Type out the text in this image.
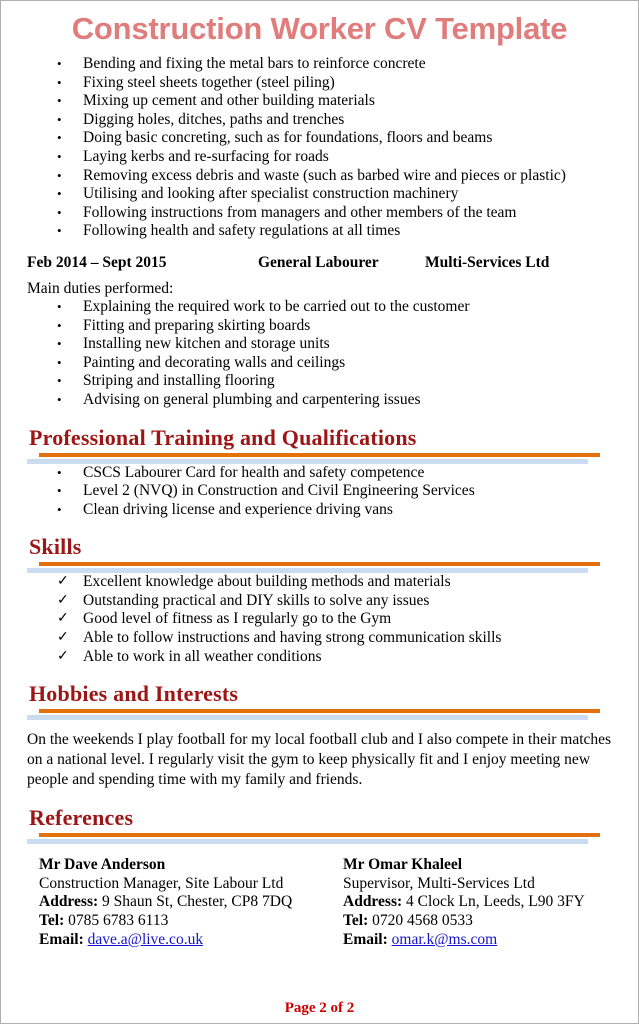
Construction Worker CV Template
• Bending and fixing the metal bars to reinforce concrete
• Fixing steel sheets together (steel piling)
• Mixing up cement and other building materials
• Digging holes, ditches, paths and trenches
• Doing basic concreting, such as for foundations, floors and beams
• Laying kerbs and re-surfacing for roads
• Removing excess debris and waste (such as barbed wire and pieces or plastic)
• Utilising and looking after specialist construction machinery
• Following instructions from managers and other members of the team
• Following health and safety regulations at all times
Feb 2014 – Sept 2015	General Labourer	Multi-Services Ltd
Main duties performed:
• Explaining the required work to be carried out to the customer
• Fitting and preparing skirting boards
• Installing new kitchen and storage units
• Painting and decorating walls and ceilings
• Striping and installing flooring
• Advising on general plumbing and carpentering issues
Professional Training and Qualifications
• CSCS Labourer Card for health and safety competence
• Level 2 (NVQ) in Construction and Civil Engineering Services
• Clean driving license and experience driving vans
Skills
✓ Excellent knowledge about building methods and materials
✓ Outstanding practical and DIY skills to solve any issues
✓ Good level of fitness as I regularly go to the Gym
✓ Able to follow instructions and having strong communication skills
✓ Able to work in all weather conditions
Hobbies and Interests
On the weekends I play football for my local football club and I also compete in their matches on a national level. I regularly visit the gym to keep physically fit and I enjoy meeting new people and spending time with my family and friends.
References
Mr Dave Anderson
Construction Manager, Site Labour Ltd
Address: 9 Shaun St, Chester, CP8 7DQ
Tel: 0785 6783 6113
Email: dave.a@live.co.uk
Mr Omar Khaleel
Supervisor, Multi-Services Ltd
Address: 4 Clock Ln, Leeds, L90 3FY
Tel: 0720 4568 0533
Email: omar.k@ms.com
Page 2 of 2
